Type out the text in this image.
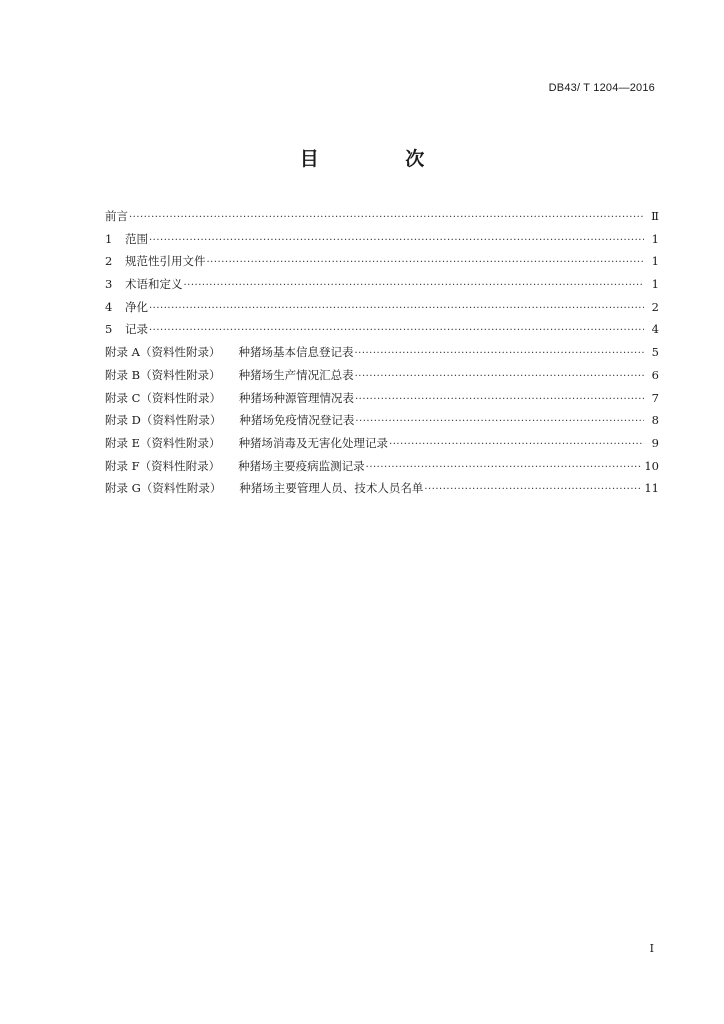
DB43/ T 1204—2016
目 次
前言 ·····	Ⅱ
1	范围 ·····	1
2	规范性引用文件 ·····	1
3	术语和定义 ·····	1
4	净化 ·····	2
5	记录 ·····	4
附录 A（资料性附录） 种猪场基本信息登记表 ·····	5
附录 B（资料性附录） 种猪场生产情况汇总表 ·····	6
附录 C（资料性附录） 种猪场种源管理情况表 ·····	7
附录 D（资料性附录） 种猪场免疫情况登记表 ·····	8
附录 E（资料性附录） 种猪场消毒及无害化处理记录 ·····	9
附录 F（资料性附录） 种猪场主要疫病监测记录 ·····	10
附录 G（资料性附录） 种猪场主要管理人员、技术人员名单 ·····	11
I
